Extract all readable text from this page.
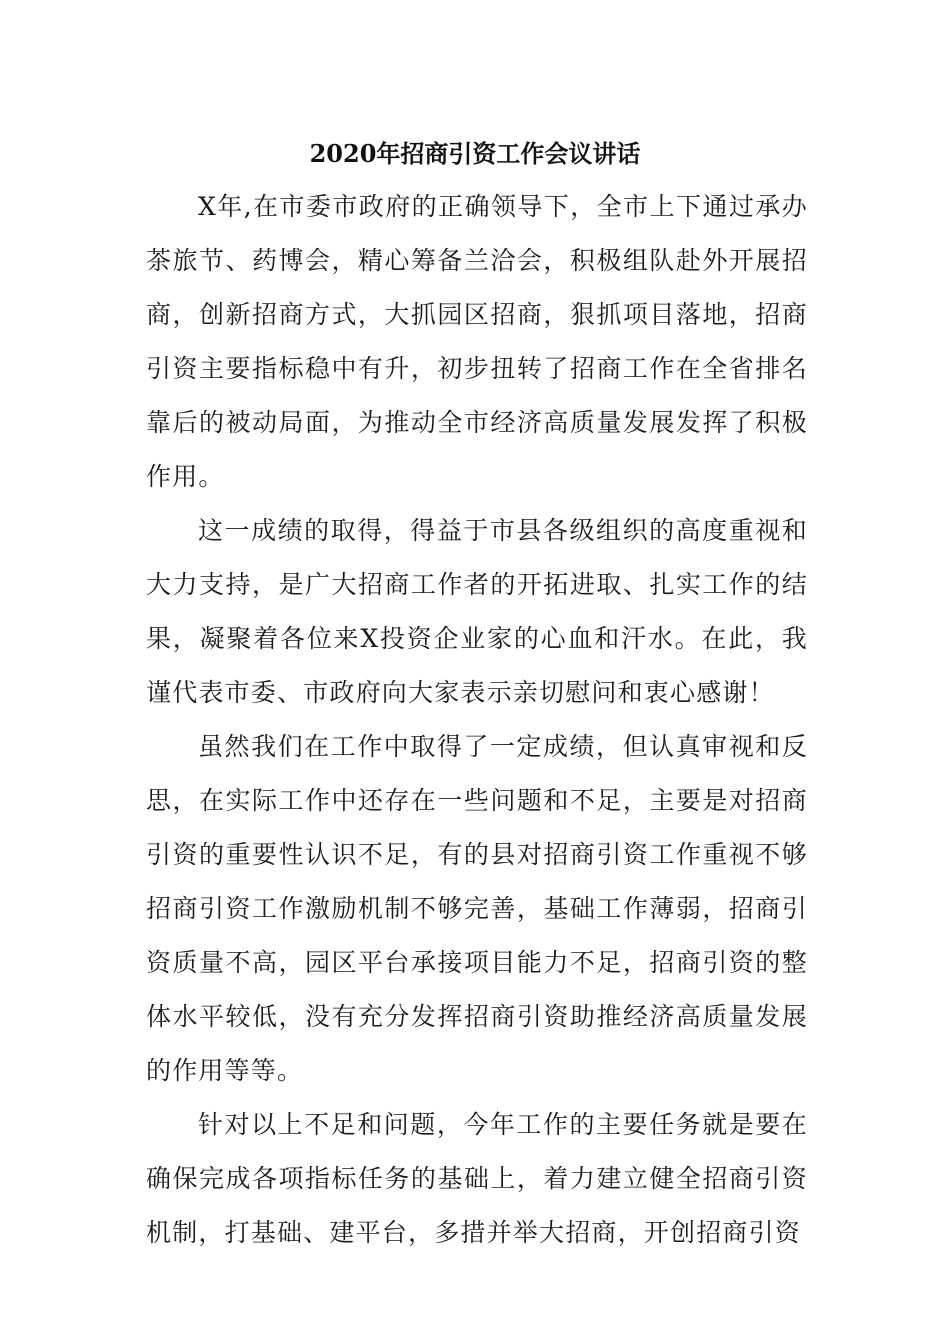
2020年招商引资工作会议讲话

X年,在市委市政府的正确领导下，全市上下通过承办茶旅节、药博会，精心筹备兰洽会，积极组队赴外开展招商，创新招商方式，大抓园区招商，狠抓项目落地，招商引资主要指标稳中有升，初步扭转了招商工作在全省排名靠后的被动局面，为推动全市经济高质量发展发挥了积极作用。

这一成绩的取得，得益于市县各级组织的高度重视和大力支持，是广大招商工作者的开拓进取、扎实工作的结果，凝聚着各位来X投资企业家的心血和汗水。在此，我谨代表市委、市政府向大家表示亲切慰问和衷心感谢！

虽然我们在工作中取得了一定成绩，但认真审视和反思，在实际工作中还存在一些问题和不足，主要是对招商引资的重要性认识不足，有的县对招商引资工作重视不够招商引资工作激励机制不够完善，基础工作薄弱，招商引资质量不高，园区平台承接项目能力不足，招商引资的整体水平较低，没有充分发挥招商引资助推经济高质量发展的作用等等。

针对以上不足和问题，今年工作的主要任务就是要在确保完成各项指标任务的基础上，着力建立健全招商引资机制，打基础、建平台，多措并举大招商，开创招商引资
